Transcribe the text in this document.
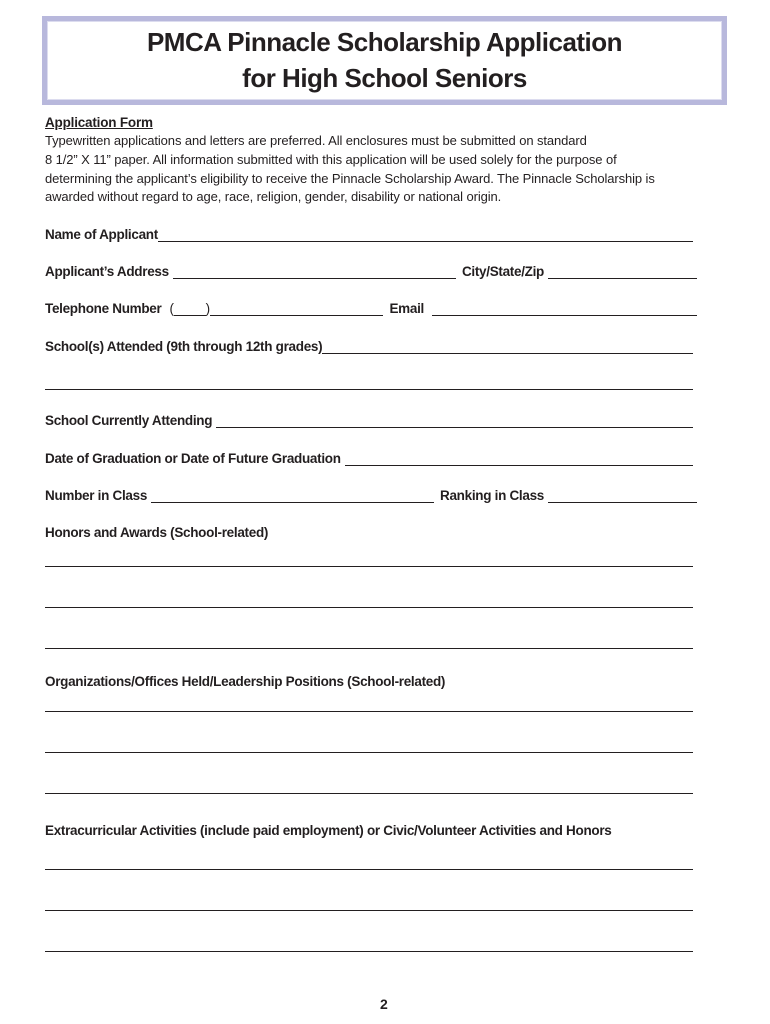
PMCA Pinnacle Scholarship Application
for High School Seniors
Application Form
Typewritten applications and letters are preferred. All enclosures must be submitted on standard
8 1/2” X 11” paper. All information submitted with this application will be used solely for the purpose of
determining the applicant’s eligibility to receive the Pinnacle Scholarship Award. The Pinnacle Scholarship is
awarded without regard to age, race, religion, gender, disability or national origin.
Name of Applicant
Applicant’s Address	City/State/Zip
Telephone Number ( )	Email
School(s) Attended (9th through 12th grades)
School Currently Attending
Date of Graduation or Date of Future Graduation
Number in Class	Ranking in Class
Honors and Awards (School-related)
Organizations/Offices Held/Leadership Positions (School-related)
Extracurricular Activities (include paid employment) or Civic/Volunteer Activities and Honors
2
